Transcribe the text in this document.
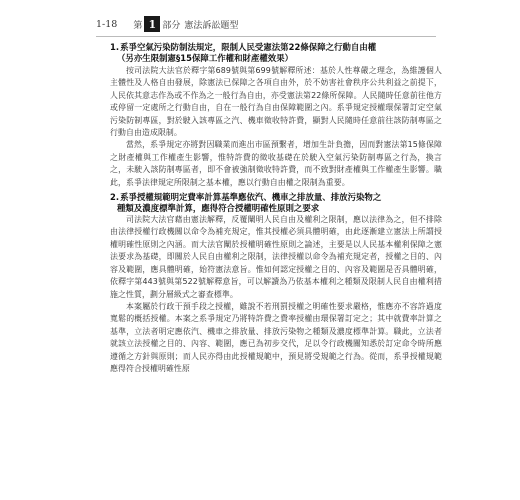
1-18 第 1 部分 憲法訴訟題型
1.系爭空氣污染防制法規定，限制人民受憲法第22條保障之行動自由權
（另亦生限制憲§15保障工作權和財產權效果）

按司法院大法官於釋字第689號與第699號解釋所述：基於人性尊嚴之理念，為維護個人主體性及人格自由發展，除憲法已保障之各項自由外，於不妨害社會秩序公共利益之前提下，人民依其意志作為或不作為之一般行為自由，亦受憲法第22條所保障。人民隨時任意前往他方或停留一定處所之行動自由，自在一般行為自由保障範圍之內。系爭規定授權環保署訂定空氣污染防制專區，對於駛入該專區之汽、機車徵收特許費，顯對人民隨時任意前往該防制專區之行動自由造成限制。

當然，系爭規定亦將對因職業而進出市區預繫者，增加生計負擔，因而對憲法第15條保障之財產權與工作權產生影響，惟特許費的徵收基礎在於駛入空氣污染防制專區之行為，換言之，未駛入該防制專區者，即不會被強制徵收特許費，而不致對財產權與工作權產生影響。職此，系爭法律規定所限制之基本權，應以行動自由權之限制為重要。

2.系爭授權規範明定費率計算基準應依汽、機車之排放量、排放污染物之
種類及濃度標準計算，應得符合授權明確性原則之要求

司法院大法官藉由憲法解釋，反覆闡明人民自由及權利之限制，應以法律為之，但不排除由法律授權行政機關以命令為補充規定，惟其授權必須具體明確，由此逐漸建立憲法上所謂授權明確性原則之內涵。而大法官闡於授權明確性原則之論述，主要是以人民基本權利保障之憲法要求為基礎，即關於人民自由權利之限制，法律授權以命令為補充規定者，授權之目的、內容及範圍，應具體明確，始符憲法意旨。惟如何認定授權之目的、內容及範圍是否具體明確，依釋字第443號與第522號解釋意旨，可以解讀為乃依基本權利之種類及限制人民自由權利措施之性質，劃分層級式之審查標準。

本案屬於行政干預手段之授權，雖說不若刑罰授權之明確性要求嚴格，惟應亦不容許過度寬鬆的概括授權。本案之系爭規定乃將特許費之費率授權由環保署訂定之；其中就費率計算之基準，立法者明定應依汽、機車之排放量、排放污染物之種類及濃度標準計算。職此，立法者就該立法授權之目的、內容、範圍，應已為初步交代，足以令行政機關知悉於訂定命令時所應遵循之方針與原則；而人民亦得由此授權規範中，預見將受規範之行為。從而，系爭授權規範應得符合授權明確性原
